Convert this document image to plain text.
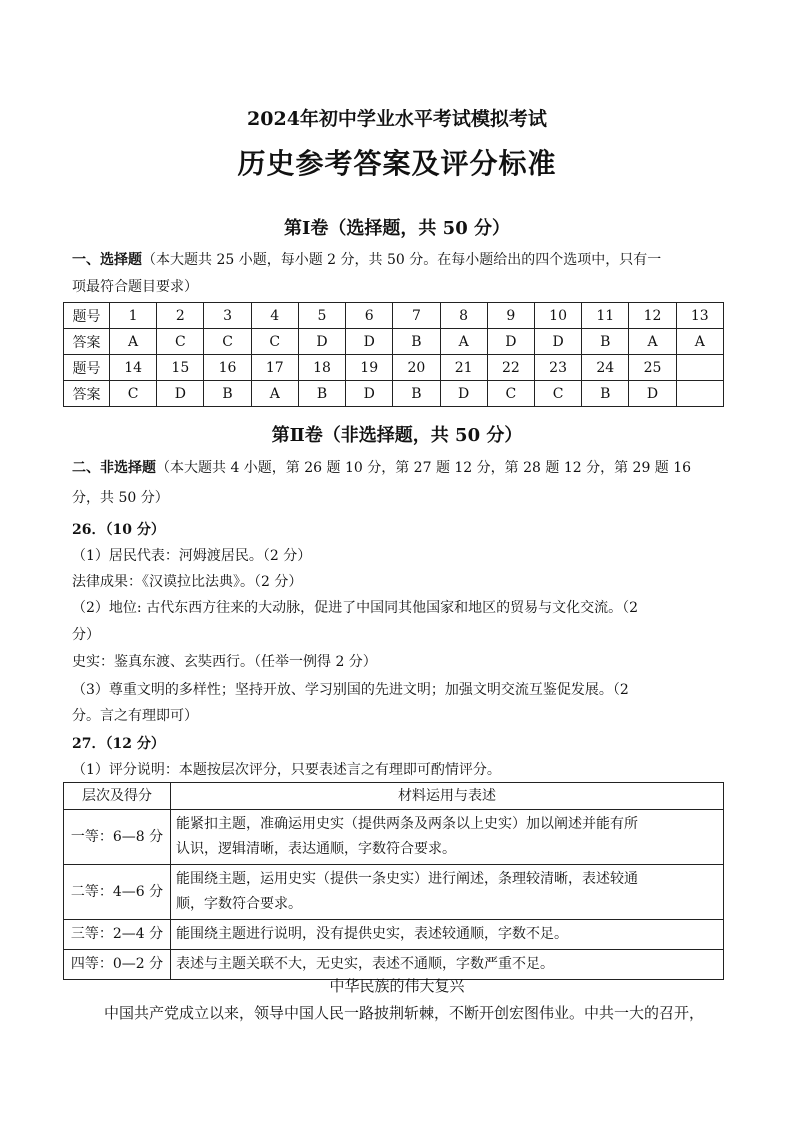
2024年初中学业水平考试模拟考试
历史参考答案及评分标准
第Ⅰ卷（选择题，共 50 分）
一、选择题（本大题共 25 小题，每小题 2 分，共 50 分。在每小题给出的四个选项中，只有一
项最符合题目要求）
题号	1	2	3	4	5	6	7	8	9	10	11	12	13
答案	A	C	C	C	D	D	B	A	D	D	B	A	A
题号	14	15	16	17	18	19	20	21	22	23	24	25	
答案	C	D	B	A	B	D	B	D	C	C	B	D	
第Ⅱ卷（非选择题，共 50 分）
二、非选择题（本大题共 4 小题，第 26 题 10 分，第 27 题 12 分，第 28 题 12 分，第 29 题 16
分，共 50 分）
26．（10 分）
（1）居民代表：河姆渡居民。（2 分）
法律成果：《汉谟拉比法典》。（2 分）
（2）地位: 古代东西方往来的大动脉，促进了中国同其他国家和地区的贸易与文化交流。（2
分）
史实：鉴真东渡、玄奘西行。（任举一例得 2 分）
（3）尊重文明的多样性；坚持开放、学习别国的先进文明；加强文明交流互鉴促发展。（2
分。言之有理即可）
27．（12 分）
（1）评分说明：本题按层次评分，只要表述言之有理即可酌情评分。
层次及得分	材料运用与表述
一等：6—8 分	能紧扣主题，准确运用史实（提供两条及两条以上史实）加以阐述并能有所
认识，逻辑清晰，表达通顺，字数符合要求。

二等：4—6 分	能围绕主题，运用史实（提供一条史实）进行阐述，条理较清晰，表述较通
顺，字数符合要求。

三等：2—4 分	能围绕主题进行说明，没有提供史实，表述较通顺，字数不足。

四等：0—2 分	表述与主题关联不大，无史实，表述不通顺，字数严重不足。
中华民族的伟大复兴
中国共产党成立以来，领导中国人民一路披荆斩棘，不断开创宏图伟业。中共一大的召开，
